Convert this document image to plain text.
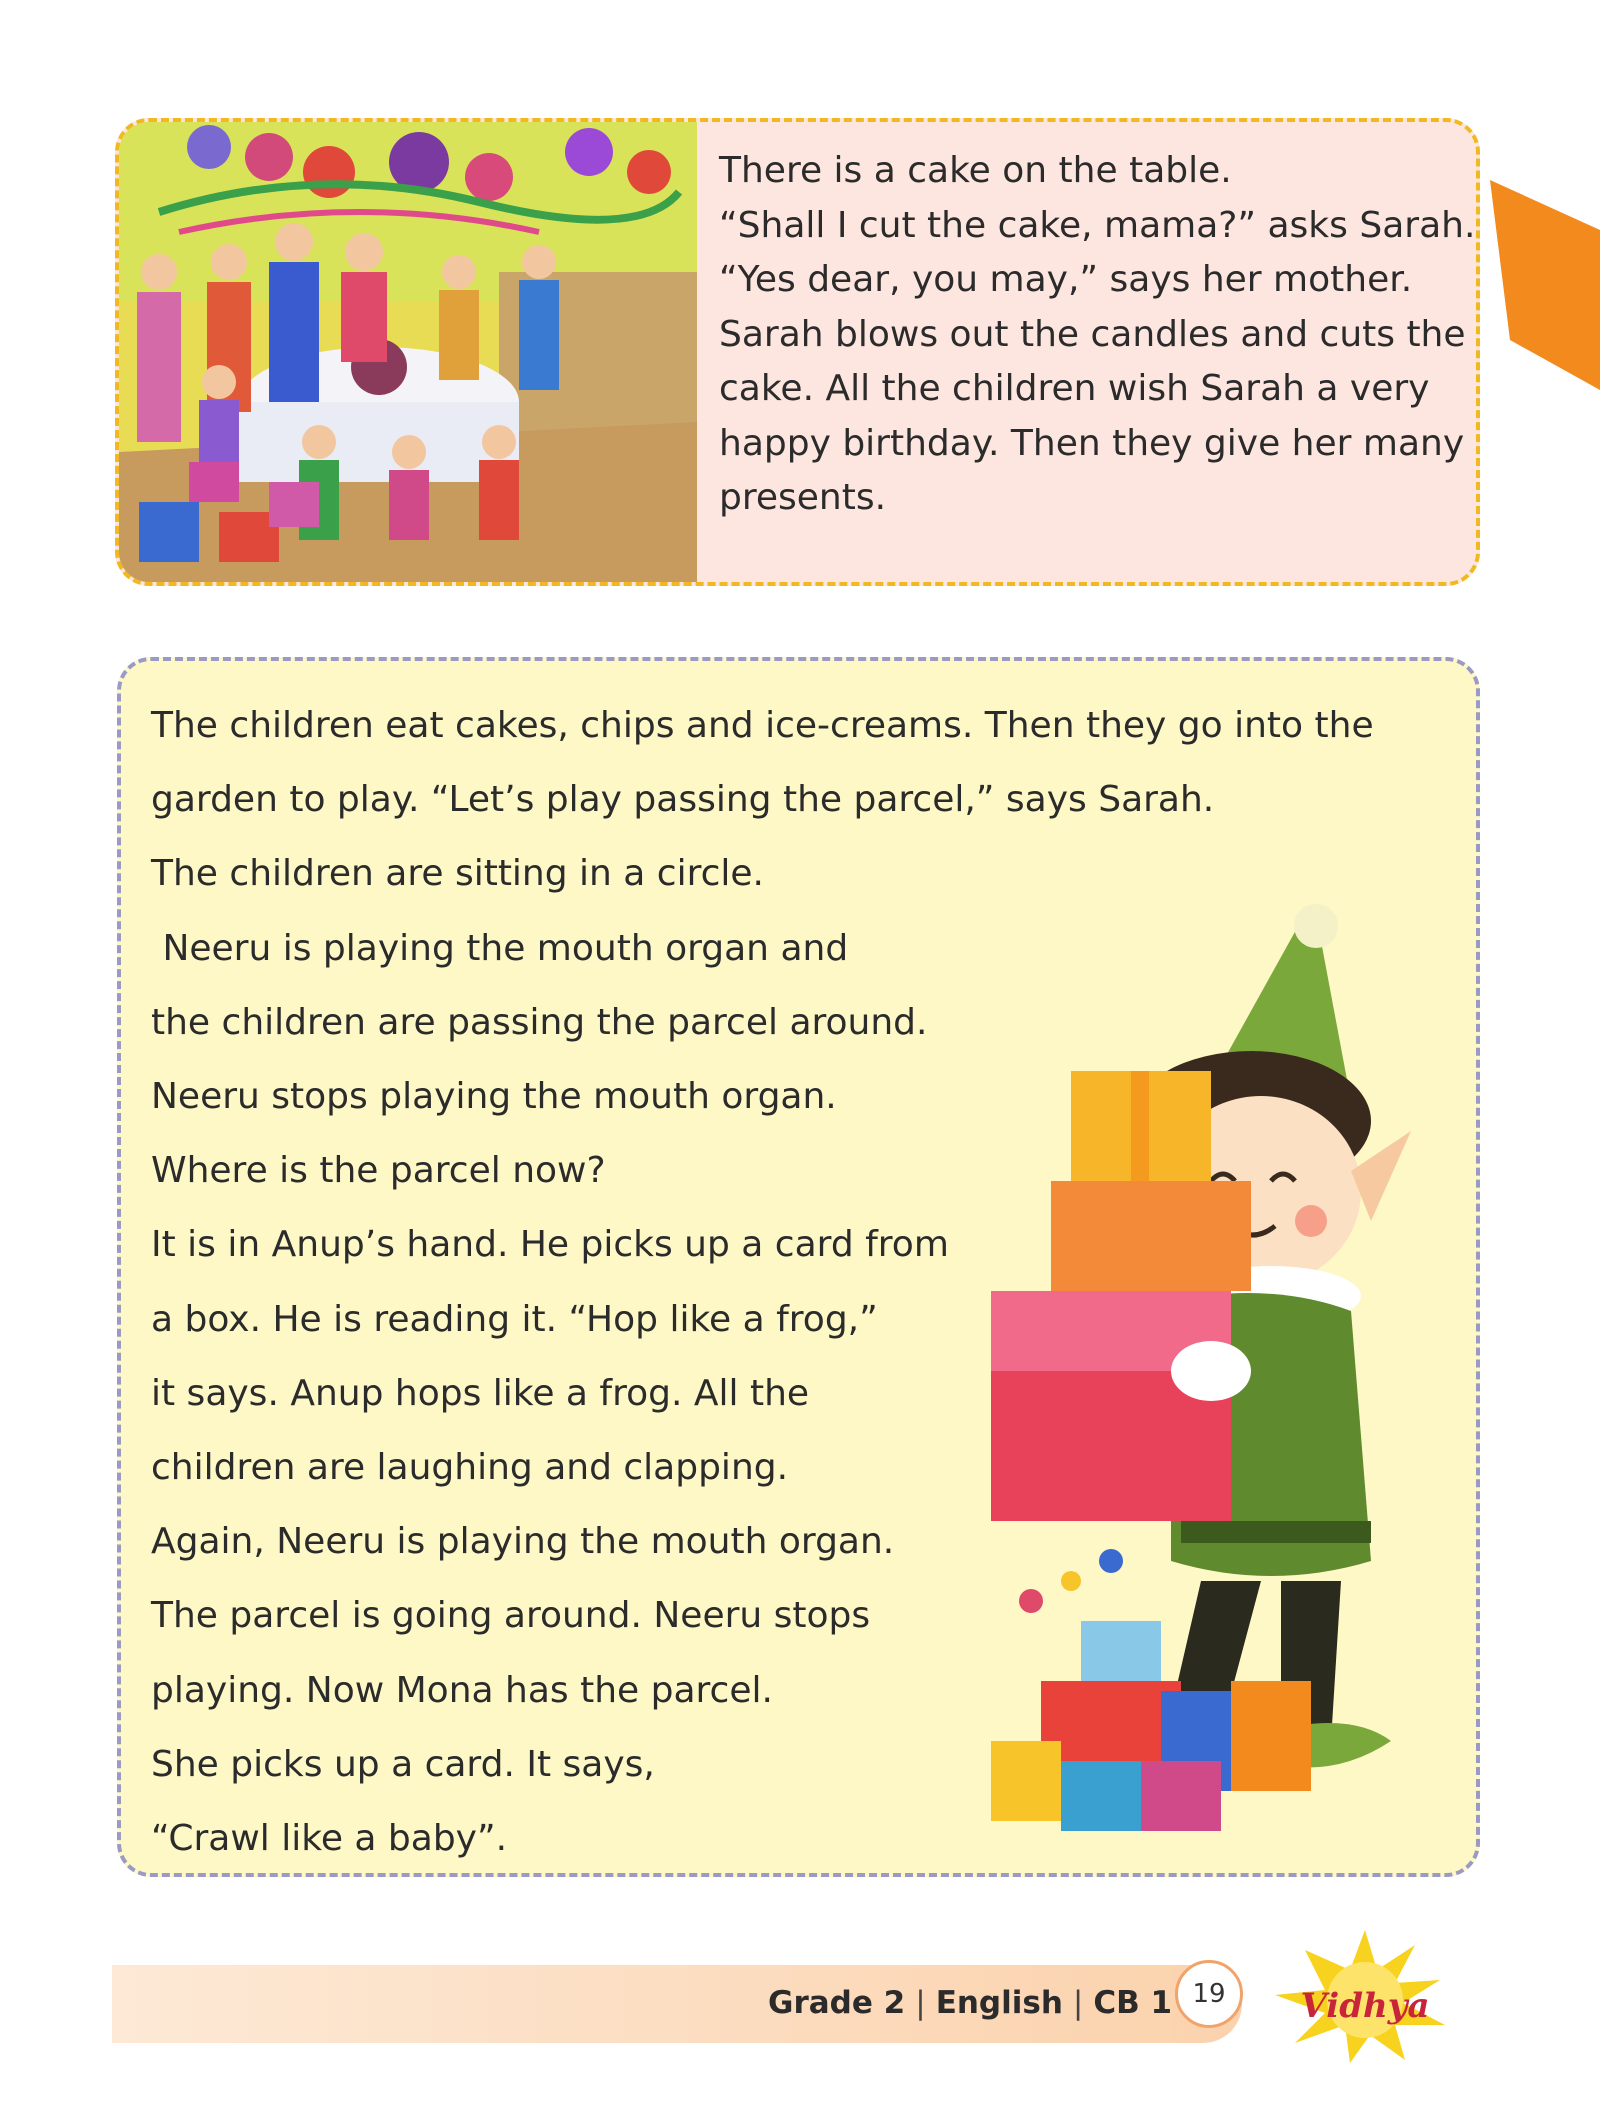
There is a cake on the table.
“Shall I cut the cake, mama?” asks Sarah.
“Yes dear, you may,” says her mother.
Sarah blows out the candles and cuts the
cake. All the children wish Sarah a very
happy birthday. Then they give her many
presents.

The children eat cakes, chips and ice-creams. Then they go into the
garden to play. “Let’s play passing the parcel,” says Sarah.
The children are sitting in a circle.
Neeru is playing the mouth organ and
the children are passing the parcel around.
Neeru stops playing the mouth organ.
Where is the parcel now?
It is in Anup’s hand. He picks up a card from
a box. He is reading it. “Hop like a frog,”
it says. Anup hops like a frog. All the
children are laughing and clapping.
Again, Neeru is playing the mouth organ.
The parcel is going around. Neeru stops
playing. Now Mona has the parcel.
She picks up a card. It says,
“Crawl like a baby”.
Grade 2 | English | CB 1 19	Vidhya
